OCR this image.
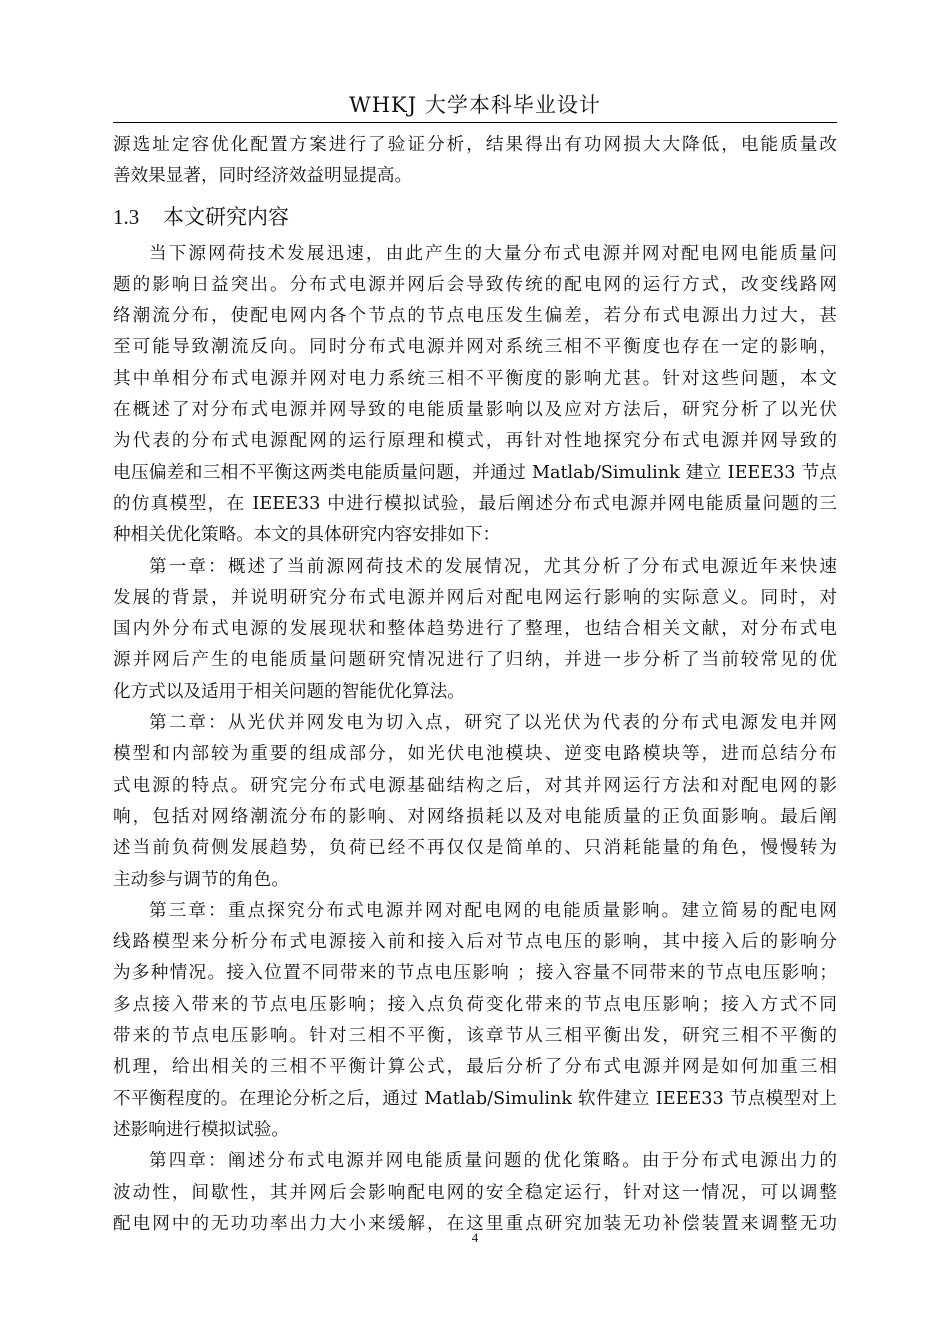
WHKJ 大学本科毕业设计
源选址定容优化配置方案进行了验证分析，结果得出有功网损大大降低，电能质量改
善效果显著，同时经济效益明显提高。
1.3 本文研究内容
当下源网荷技术发展迅速，由此产生的大量分布式电源并网对配电网电能质量问
题的影响日益突出。分布式电源并网后会导致传统的配电网的运行方式，改变线路网
络潮流分布，使配电网内各个节点的节点电压发生偏差，若分布式电源出力过大，甚
至可能导致潮流反向。同时分布式电源并网对系统三相不平衡度也存在一定的影响，
其中单相分布式电源并网对电力系统三相不平衡度的影响尤甚。针对这些问题，本文
在概述了对分布式电源并网导致的电能质量影响以及应对方法后，研究分析了以光伏
为代表的分布式电源配网的运行原理和模式，再针对性地探究分布式电源并网导致的
电压偏差和三相不平衡这两类电能质量问题，并通过 Matlab/Simulink 建立 IEEE33 节点
的仿真模型，在 IEEE33 中进行模拟试验，最后阐述分布式电源并网电能质量问题的三
种相关优化策略。本文的具体研究内容安排如下：
第一章：概述了当前源网荷技术的发展情况，尤其分析了分布式电源近年来快速
发展的背景，并说明研究分布式电源并网后对配电网运行影响的实际意义。同时，对
国内外分布式电源的发展现状和整体趋势进行了整理，也结合相关文献，对分布式电
源并网后产生的电能质量问题研究情况进行了归纳，并进一步分析了当前较常见的优
化方式以及适用于相关问题的智能优化算法。
第二章：从光伏并网发电为切入点，研究了以光伏为代表的分布式电源发电并网
模型和内部较为重要的组成部分，如光伏电池模块、逆变电路模块等，进而总结分布
式电源的特点。研究完分布式电源基础结构之后，对其并网运行方法和对配电网的影
响，包括对网络潮流分布的影响、对网络损耗以及对电能质量的正负面影响。最后阐
述当前负荷侧发展趋势，负荷已经不再仅仅是简单的、只消耗能量的角色，慢慢转为
主动参与调节的角色。
第三章：重点探究分布式电源并网对配电网的电能质量影响。建立简易的配电网
线路模型来分析分布式电源接入前和接入后对节点电压的影响，其中接入后的影响分
为多种情况。接入位置不同带来的节点电压影响 ；接入容量不同带来的节点电压影响；
多点接入带来的节点电压影响；接入点负荷变化带来的节点电压影响；接入方式不同
带来的节点电压影响。针对三相不平衡，该章节从三相平衡出发，研究三相不平衡的
机理，给出相关的三相不平衡计算公式，最后分析了分布式电源并网是如何加重三相
不平衡程度的。在理论分析之后，通过 Matlab/Simulink 软件建立 IEEE33 节点模型对上
述影响进行模拟试验。
第四章：阐述分布式电源并网电能质量问题的优化策略。由于分布式电源出力的
波动性，间歇性，其并网后会影响配电网的安全稳定运行，针对这一情况，可以调整
配电网中的无功功率出力大小来缓解，在这里重点研究加装无功补偿装置来调整无功
4
